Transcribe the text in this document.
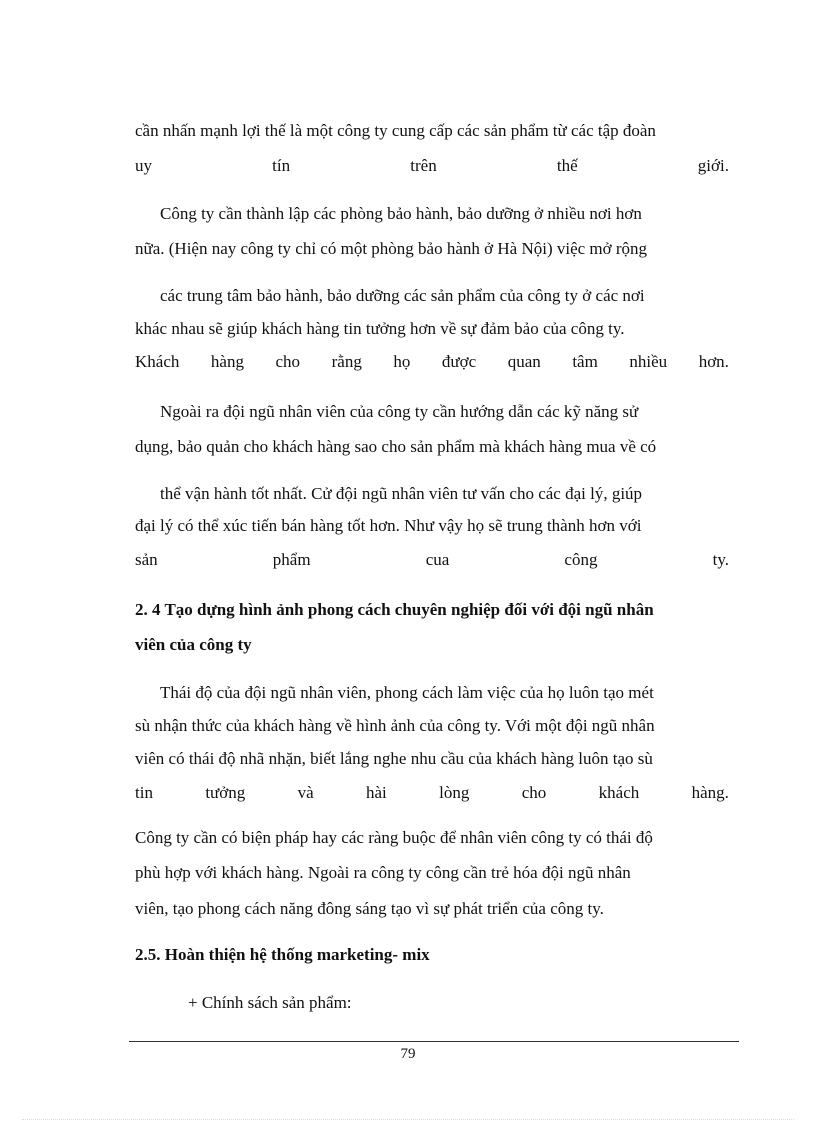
cần nhấn mạnh lợi thế là một công ty cung cấp các sản phẩm từ các tập đoàn
uy	tín	trên	thế	giới.
Công ty cần thành lập các phòng bảo hành, bảo dưỡng ở nhiều nơi hơn
nữa. (Hiện nay công ty chỉ có một phòng bảo hành ở Hà Nội) việc mở rộng
các trung tâm bảo hành, bảo dưỡng các sản phẩm của công ty ở các nơi
khác nhau sẽ giúp khách hàng tin tưởng hơn về sự đảm bảo của công ty.
Khách hàng cho rằng họ được quan tâm nhiều hơn.
Ngoài ra đội ngũ nhân viên của công ty cần hướng dẫn các kỹ năng sử
dụng, bảo quản cho khách hàng sao cho sản phẩm mà khách hàng mua về có
thể vận hành tốt nhất. Cử đội ngũ nhân viên tư vấn cho các đại lý, giúp
đại lý có thể xúc tiến bán hàng tốt hơn. Như vậy họ sẽ trung thành hơn với
sản	phẩm	cua	công	ty.
2. 4 Tạo dựng hình ảnh phong cách chuyên nghiệp đối với đội ngũ nhân
viên của công ty
Thái độ của đội ngũ nhân viên, phong cách làm việc của họ luôn tạo mét
sù nhận thức của khách hàng về hình ảnh của công ty. Với một đội ngũ nhân
viên có thái độ nhã nhặn, biết lắng nghe nhu cầu của khách hàng luôn tạo sù
tin	tưởng	và	hài	lòng	cho	khách	hàng.
Công ty cần có biện pháp hay các ràng buộc để nhân viên công ty có thái độ
phù hợp với khách hàng. Ngoài ra công ty công cần trẻ hóa đội ngũ nhân
viên, tạo phong cách năng đông sáng tạo vì sự phát triển của công ty.
2.5. Hoàn thiện hệ thống marketing- mix
+ Chính sách sản phẩm:
79
